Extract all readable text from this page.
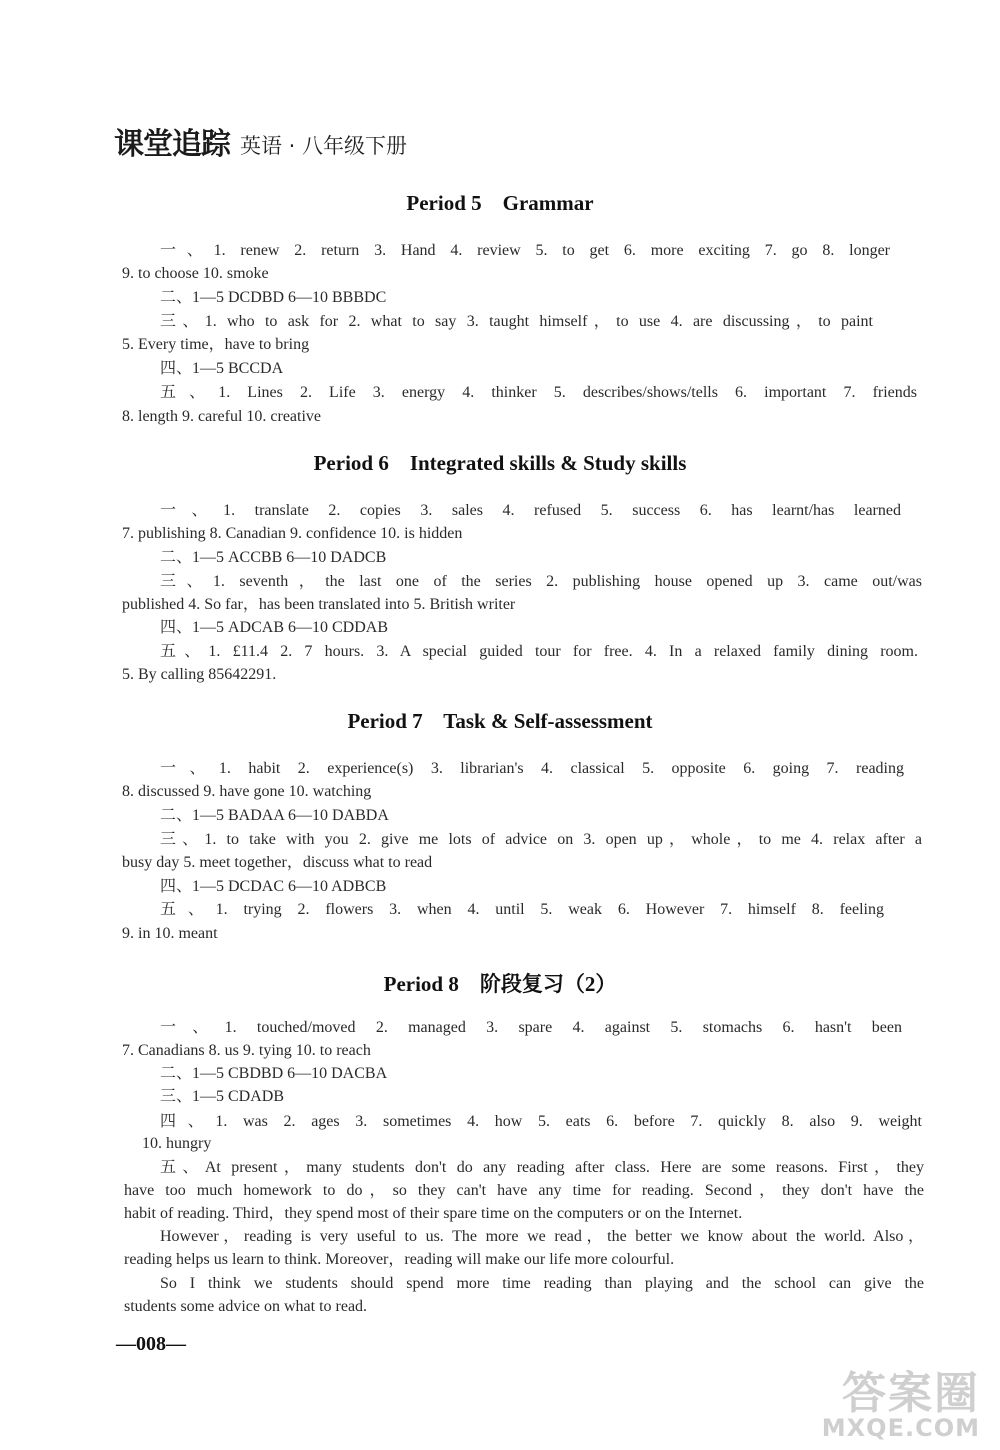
课堂追踪 英语 · 八年级下册
Period 5    Grammar
一、1. renew 2. return 3. Hand 4. review 5. to get 6. more exciting 7. go 8. longer
9. to choose 10. smoke
二、1—5 DCDBD 6—10 BBBDC
三、1. who to ask for 2. what to say 3. taught himself，to use 4. are discussing，to paint
5. Every time，have to bring
四、1—5 BCCDA
五、1. Lines 2. Life 3. energy 4. thinker 5. describes/shows/tells 6. important 7. friends
8. length 9. careful 10. creative
Period 6    Integrated skills & Study skills
一、1. translate 2. copies 3. sales 4. refused 5. success 6. has learnt/has learned
7. publishing 8. Canadian 9. confidence 10. is hidden
二、1—5 ACCBB 6—10 DADCB
三、1. seventh，the last one of the series 2. publishing house opened up 3. came out/was
published 4. So far，has been translated into 5. British writer
四、1—5 ADCAB 6—10 CDDAB
五、1. £11.4 2. 7 hours. 3. A special guided tour for free. 4. In a relaxed family dining room.
5. By calling 85642291.
Period 7    Task & Self-assessment
一、1. habit 2. experience(s) 3. librarian's 4. classical 5. opposite 6. going 7. reading
8. discussed 9. have gone 10. watching
二、1—5 BADAA 6—10 DABDA
三、1. to take with you 2. give me lots of advice on 3. open up，whole，to me 4. relax after a
busy day 5. meet together，discuss what to read
四、1—5 DCDAC 6—10 ADBCB
五、1. trying 2. flowers 3. when 4. until 5. weak 6. However 7. himself 8. feeling
9. in 10. meant
Period 8    阶段复习（2）
一、1. touched/moved 2. managed 3. spare 4. against 5. stomachs 6. hasn't been
7. Canadians 8. us 9. tying 10. to reach
二、1—5 CBDBD 6—10 DACBA
三、1—5 CDADB
四、1. was 2. ages 3. sometimes 4. how 5. eats 6. before 7. quickly 8. also 9. weight
10. hungry
五、At present，many students don't do any reading after class. Here are some reasons. First，they
have too much homework to do，so they can't have any time for reading. Second，they don't have the
habit of reading. Third，they spend most of their spare time on the computers or on the Internet.
However，reading is very useful to us. The more we read，the better we know about the world. Also，
reading helps us learn to think. Moreover，reading will make our life more colourful.
So I think we students should spend more time reading than playing and the school can give the
students some advice on what to read.
—008—
答案圈
MXQE.COM
